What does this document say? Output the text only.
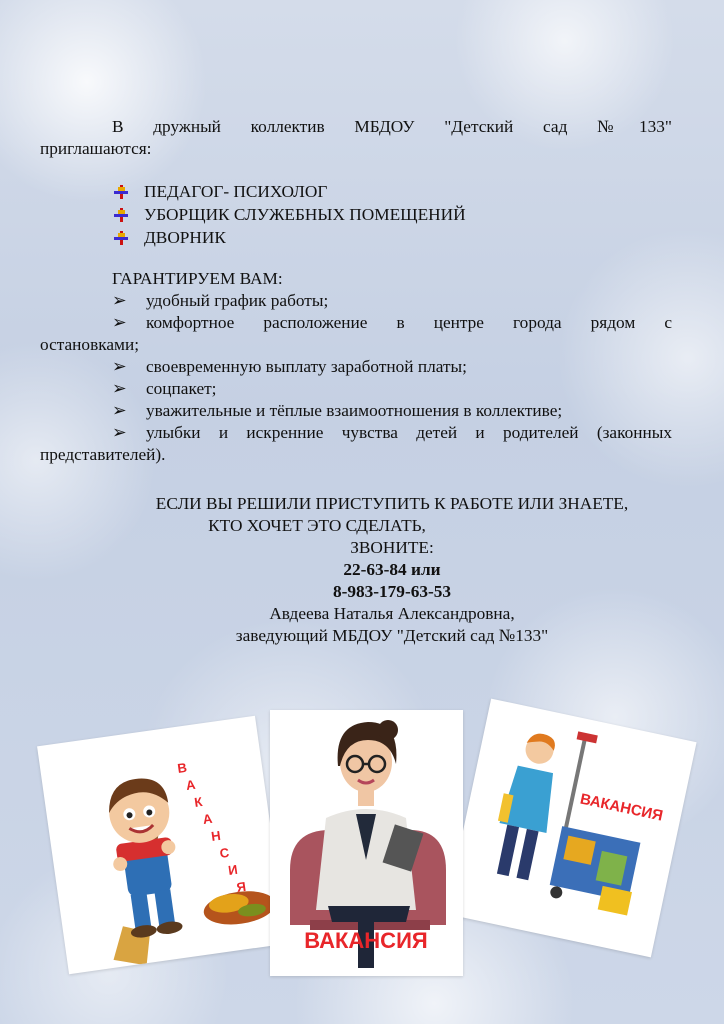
В дружный коллектив МБДОУ "Детский сад №133"
приглашаются:
ПЕДАГОГ- ПСИХОЛОГ
УБОРЩИК СЛУЖЕБНЫХ ПОМЕЩЕНИЙ
ДВОРНИК
ГАРАНТИРУЕМ ВАМ:
➢	удобный график работы;
➢	комфортное расположение в центре города рядом с
остановками;
➢	своевременную выплату заработной платы;
➢	соцпакет;
➢	уважительные и тёплые взаимоотношения в коллективе;
➢	улыбки и искренние чувства детей и родителей (законных
представителей).
ЕСЛИ ВЫ РЕШИЛИ ПРИСТУПИТЬ К РАБОТЕ ИЛИ ЗНАЕТЕ,
КТО ХОЧЕТ ЭТО СДЕЛАТЬ,
ЗВОНИТЕ:
22-63-84 или
8-983-179-63-53
Авдеева Наталья Александровна,
заведующий МБДОУ "Детский сад №133"
В
А
К
А
Н
С
И
Я
ВАКАНСИЯ
ВАКАНСИЯ
